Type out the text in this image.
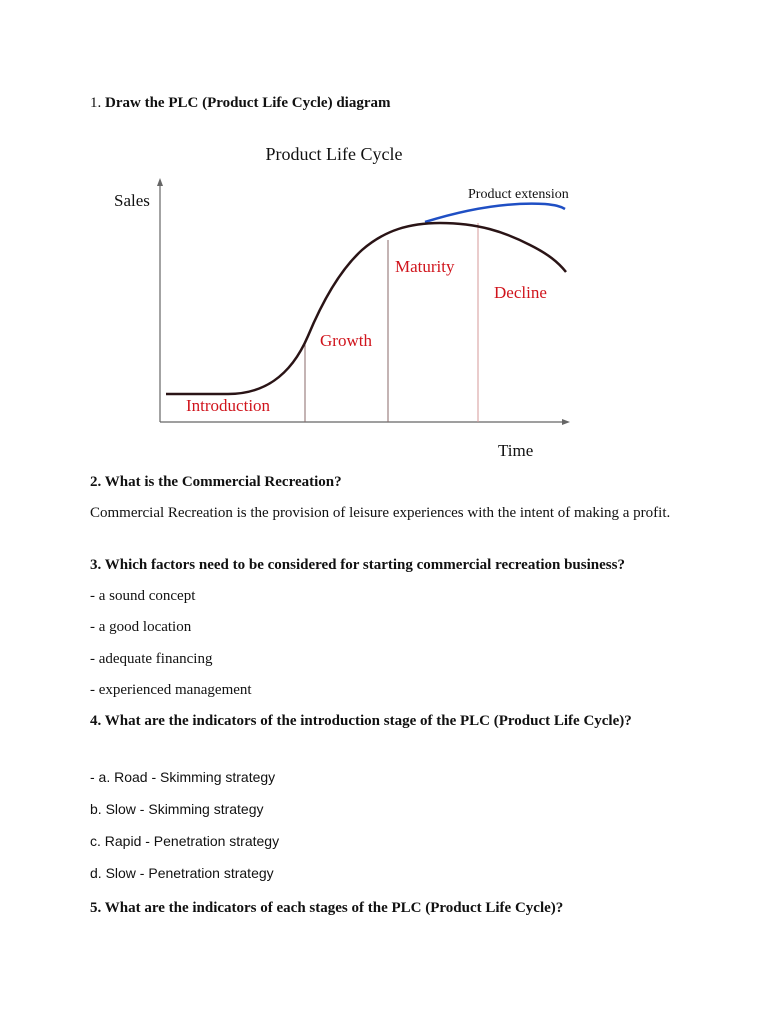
1. Draw the PLC (Product Life Cycle) diagram
Product Life Cycle
Sales
Time
Product extension
Introduction
Growth
Maturity
Decline
2. What is the Commercial Recreation?
Commercial Recreation is the provision of leisure experiences with the intent of making a profit.
3. Which factors need to be considered for starting commercial recreation business?
- a sound concept
- a good location
- adequate financing
- experienced management
4. What are the indicators of the introduction stage of the PLC (Product Life Cycle)?
- a. Road - Skimming strategy
b. Slow - Skimming strategy
c. Rapid - Penetration strategy
d. Slow - Penetration strategy
5. What are the indicators of each stages of the PLC (Product Life Cycle)?
